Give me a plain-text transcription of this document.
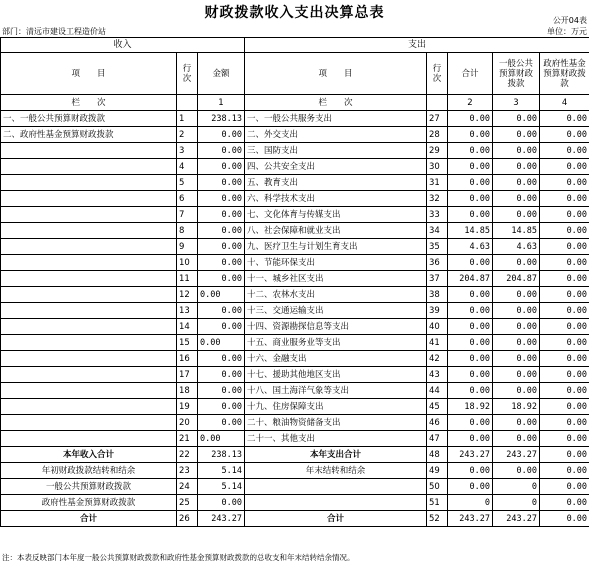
财政拨款收入支出决算总表	公开04表
部门：清远市建设工程造价站	单位：万元
收入			支出				
项　　目	行次	金额	项　　目	行次	合计	一般公共预算财政拨款	政府性基金预算财政拨款
栏　　次		1	栏　　次		2	3	4
一、一般公共预算财政拨款	1	238.13	一、一般公共服务支出	27	0.00	0.00	0.00
二、政府性基金预算财政拨款	2	0.00	二、外交支出	28	0.00	0.00	0.00
	3	0.00	三、国防支出	29	0.00	0.00	0.00
	4	0.00	四、公共安全支出	30	0.00	0.00	0.00
	5	0.00	五、教育支出	31	0.00	0.00	0.00
	6	0.00	六、科学技术支出	32	0.00	0.00	0.00
	7	0.00	七、文化体育与传媒支出	33	0.00	0.00	0.00
	8	0.00	八、社会保障和就业支出	34	14.85	14.85	0.00
	9	0.00	九、医疗卫生与计划生育支出	35	4.63	4.63	0.00
	10	0.00	十、节能环保支出	36	0.00	0.00	0.00
	11	0.00	十一、城乡社区支出	37	204.87	204.87	0.00
	12	0.00	十二、农林水支出	38	0.00	0.00	0.00
	13	0.00	十三、交通运输支出	39	0.00	0.00	0.00
	14	0.00	十四、资源勘探信息等支出	40	0.00	0.00	0.00
	15	0.00	十五、商业服务业等支出	41	0.00	0.00	0.00
	16	0.00	十六、金融支出	42	0.00	0.00	0.00
	17	0.00	十七、援助其他地区支出	43	0.00	0.00	0.00
	18	0.00	十八、国土海洋气象等支出	44	0.00	0.00	0.00
	19	0.00	十九、住房保障支出	45	18.92	18.92	0.00
	20	0.00	二十、粮油物资储备支出	46	0.00	0.00	0.00
	21	0.00	二十一、其他支出	47	0.00	0.00	0.00
本年收入合计	22	238.13	本年支出合计	48	243.27	243.27	0.00
年初财政拨款结转和结余	23	5.14	年末结转和结余	49	0.00	0.00	0.00
一般公共预算财政拨款	24	5.14		50	0.00	0	0.00
政府性基金预算财政拨款	25	0.00		51	0	0	0.00
合计	26	243.27	合计	52	243.27	243.27	0.00
注：本表反映部门本年度一般公共预算财政拨款和政府性基金预算财政拨款的总收支和年末结转结余情况。
